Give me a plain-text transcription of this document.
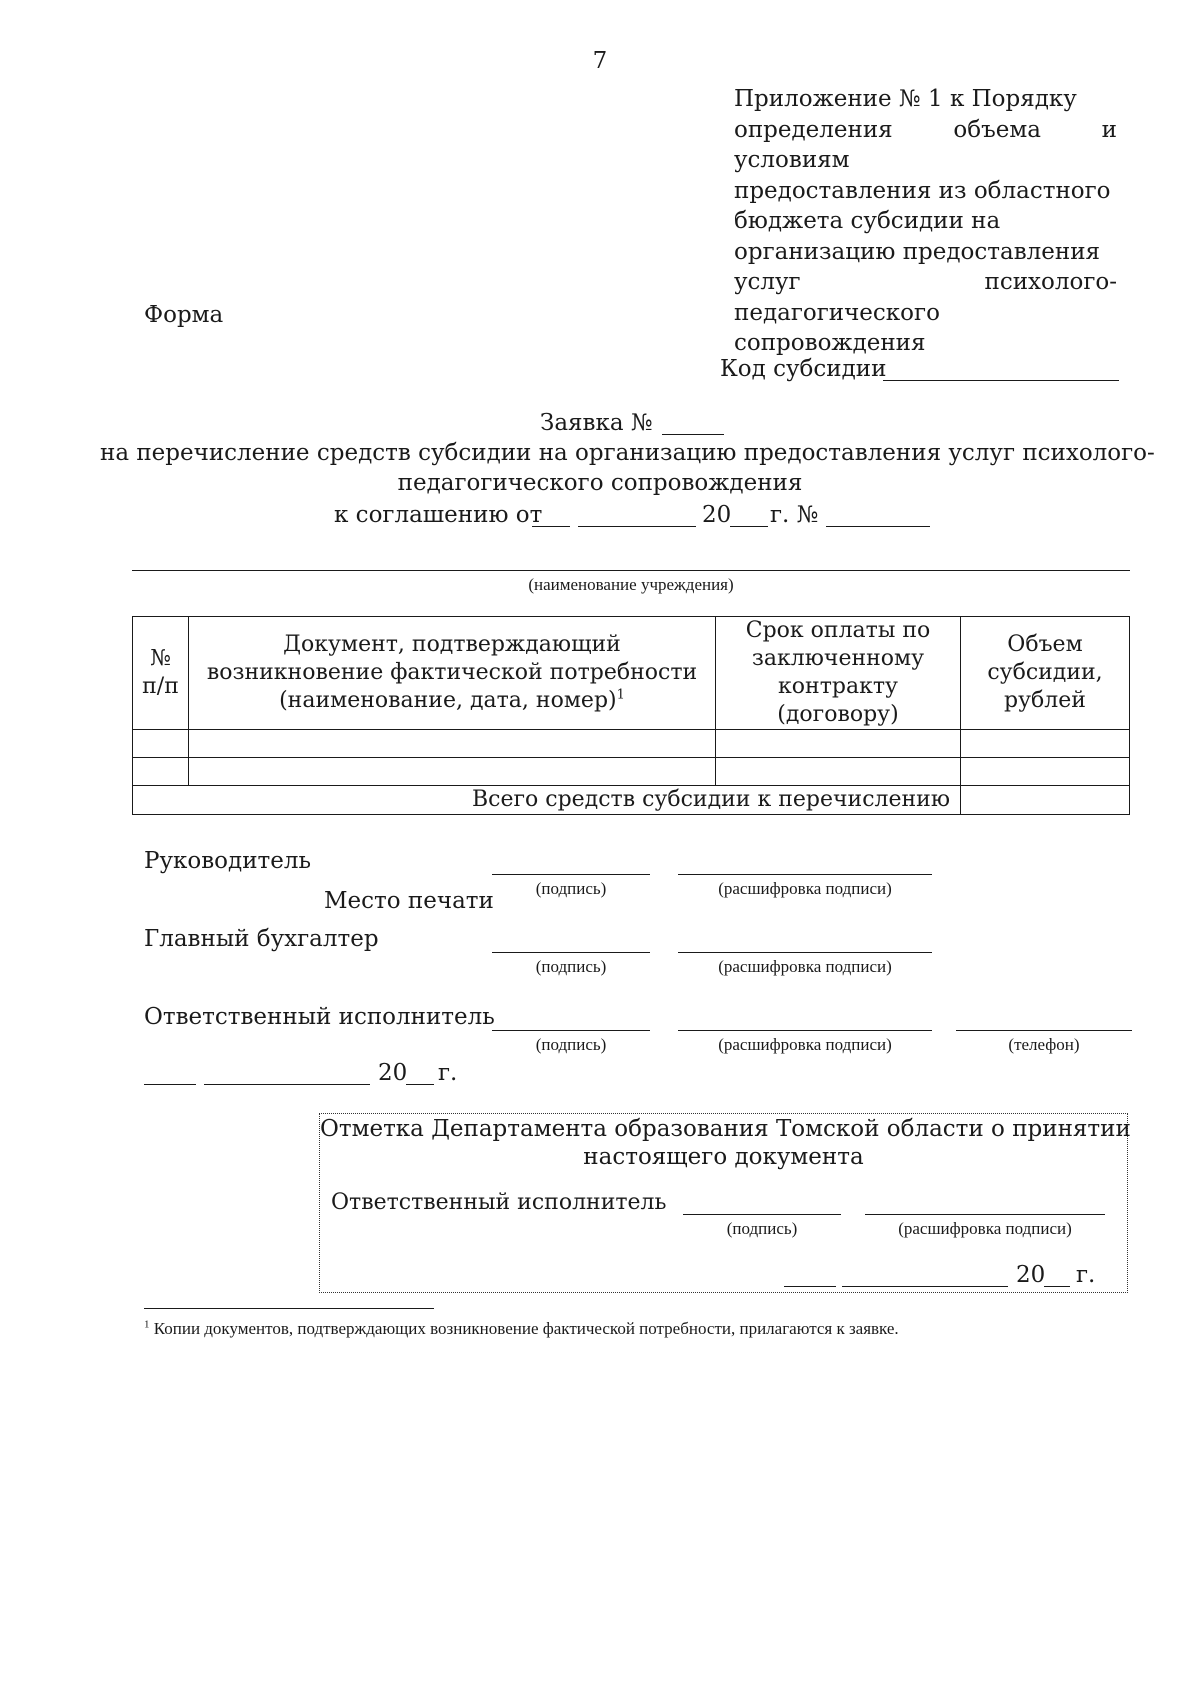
7
Приложение № 1 к Порядку
определения объема и условиям
предоставления из областного
бюджета субсидии на
организацию предоставления
услуг психолого-педагогического
сопровождения
Форма
Код субсидии
Заявка №
на перечисление средств субсидии на организацию предоставления услуг психолого-
педагогического сопровождения
к соглашению от	20 г. №
(наименование учреждения)
№ п/п	Документ, подтверждающий возникновение фактической потребности (наименование, дата, номер)$^1$	Срок оплаты по заключенному контракту (договору)	Объем субсидии, рублей

Всего средств субсидии к перечислению			
Руководитель
(подпись)	(расшифровка подписи)
Место печати
Главный бухгалтер
(подпись)	(расшифровка подписи)
Ответственный исполнитель
(подпись)	(расшифровка подписи)	(телефон)
20 г.
Отметка Департамента образования Томской области о принятии
настоящего документа
Ответственный исполнитель
(подпись)	(расшифровка подписи)
20 г.
$^1$ Копии документов, подтверждающих возникновение фактической потребности, прилагаются к заявке.
